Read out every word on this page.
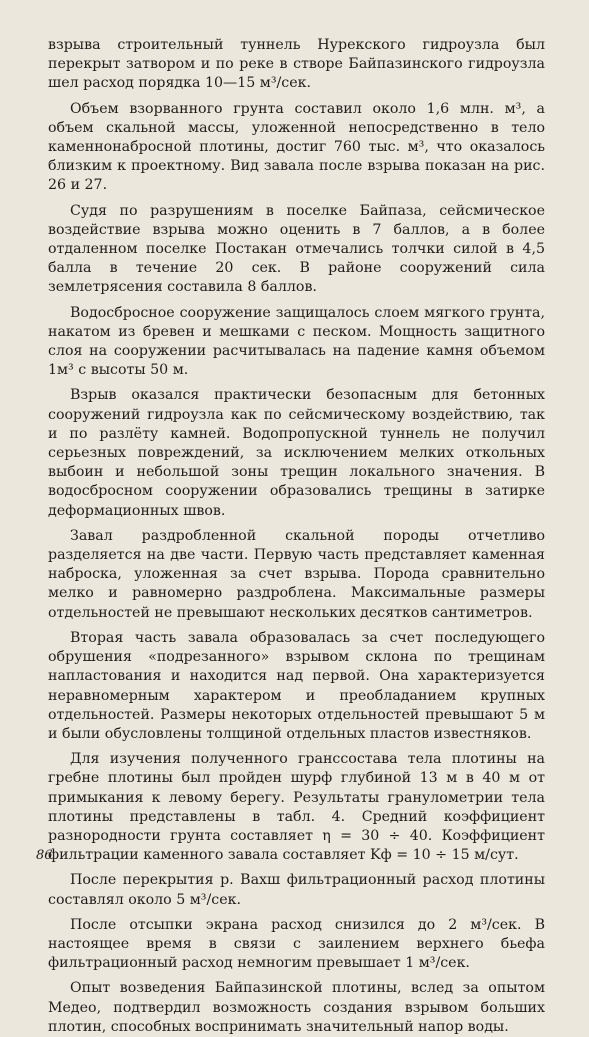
взрыва строительный туннель Нурекского гидроузла был перекрыт затвором и по реке в створе Байпазинского гидроузла шел расход порядка 10—15 м³/сек.

Объем взорванного грунта составил около 1,6 млн. м³, а объем скальной массы, уложенной непосредственно в тело каменнонабросной плотины, достиг 760 тыс. м³, что оказалось близким к проектному. Вид завала после взрыва показан на рис. 26 и 27.

Судя по разрушениям в поселке Байпаза, сейсмическое воздействие взрыва можно оценить в 7 баллов, а в более отдаленном поселке Постакан отмечались толчки силой в 4,5 балла в течение 20 сек. В районе сооружений сила землетрясения составила 8 баллов.

Водосбросное сооружение защищалось слоем мягкого грунта, накатом из бревен и мешками с песком. Мощность защитного слоя на сооружении расчитывалась на падение камня объемом 1м³ с высоты 50 м.

Взрыв оказался практически безопасным для бетонных сооружений гидроузла как по сейсмическому воздействию, так и по разлёту камней. Водопропускной туннель не получил серьезных повреждений, за исключением мелких откольных выбоин и небольшой зоны трещин локального значения. В водосбросном сооружении образовались трещины в затирке деформационных швов.

Завал раздробленной скальной породы отчетливо разделяется на две части. Первую часть представляет каменная наброска, уложенная за счет взрыва. Порода сравнительно мелко и равномерно раздроблена. Максимальные размеры отдельностей не превышают нескольких десятков сантиметров.

Вторая часть завала образовалась за счет последующего обрушения «подрезанного» взрывом склона по трещинам напластования и находится над первой. Она характеризуется неравномерным характером и преобладанием крупных отдельностей. Размеры некоторых отдельностей превышают 5 м и были обусловлены толщиной отдельных пластов известняков.

Для изучения полученного гранссостава тела плотины на гребне плотины был пройден шурф глубиной 13 м в 40 м от примыкания к левому берегу. Результаты гранулометрии тела плотины представлены в табл. 4. Средний коэффициент разнородности грунта составляет η = 30 ÷ 40. Коэффициент фильтрации каменного завала составляет Kф = 10 ÷ 15 м/сут.

После перекрытия р. Вахш фильтрационный расход плотины составлял около 5 м³/сек.

После отсыпки экрана расход снизился до 2 м³/сек. В настоящее время в связи с заилением верхнего бьефа фильтрационный расход немногим превышает 1 м³/сек.

Опыт возведения Байпазинской плотины, вслед за опытом Медео, подтвердил возможность создания взрывом больших плотин, способных воспринимать значительный напор воды.

86
